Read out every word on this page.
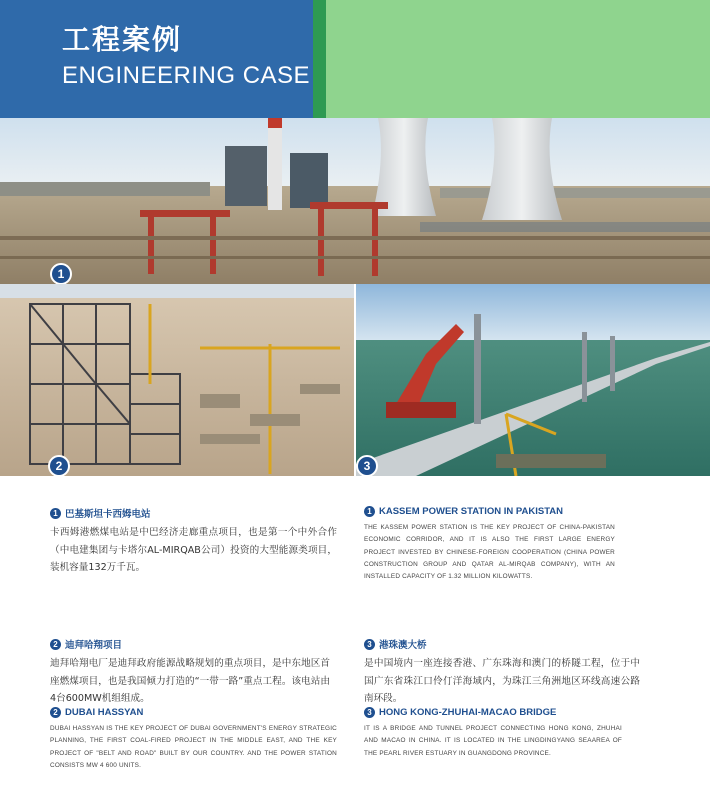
工程案例
ENGINEERING CASE
1
2	3
1 巴基斯坦卡西姆电站
卡西姆港燃煤电站是中巴经济走廊重点项目，也是第一个中外合作（中电建集团与卡塔尔AL-MIRQAB公司）投资的大型能源类项目，装机容量132万千瓦。
1 KASSEM POWER STATION IN PAKISTAN
THE KASSEM POWER STATION IS THE KEY PROJECT OF CHINA-PAKISTAN ECONOMIC CORRIDOR, AND IT IS ALSO THE FIRST LARGE ENERGY PROJECT INVESTED BY CHINESE-FOREIGN COOPERATION (CHINA POWER CONSTRUCTION GROUP AND QATAR AL-MIRQAB COMPANY), WITH AN INSTALLED CAPACITY OF 1.32 MILLION KILOWATTS.
2 迪拜哈翔项目
迪拜哈翔电厂是迪拜政府能源战略规划的重点项目，是中东地区首座燃煤项目，也是我国倾力打造的“一带一路”重点工程。该电站由4台600MW机组组成。
2 DUBAI HASSYAN
DUBAI HASSYAN IS THE KEY PROJECT OF DUBAI GOVERNMENT'S ENERGY STRATEGIC PLANNING, THE FIRST COAL-FIRED PROJECT IN THE MIDDLE EAST, AND THE KEY PROJECT OF "BELT AND ROAD" BUILT BY OUR COUNTRY. AND THE POWER STATION CONSISTS MW 4 600 UNITS.
3 港珠澳大桥
是中国境内一座连接香港、广东珠海和澳门的桥隧工程，位于中国广东省珠江口伶仃洋海域内，为珠江三角洲地区环线高速公路南环段。
3 HONG KONG-ZHUHAI-MACAO BRIDGE
IT IS A BRIDGE AND TUNNEL PROJECT CONNECTING HONG KONG, ZHUHAI AND MACAO IN CHINA. IT IS LOCATED IN THE LINGDINGYANG SEAAREA OF THE PEARL RIVER ESTUARY IN GUANGDONG PROVINCE.
